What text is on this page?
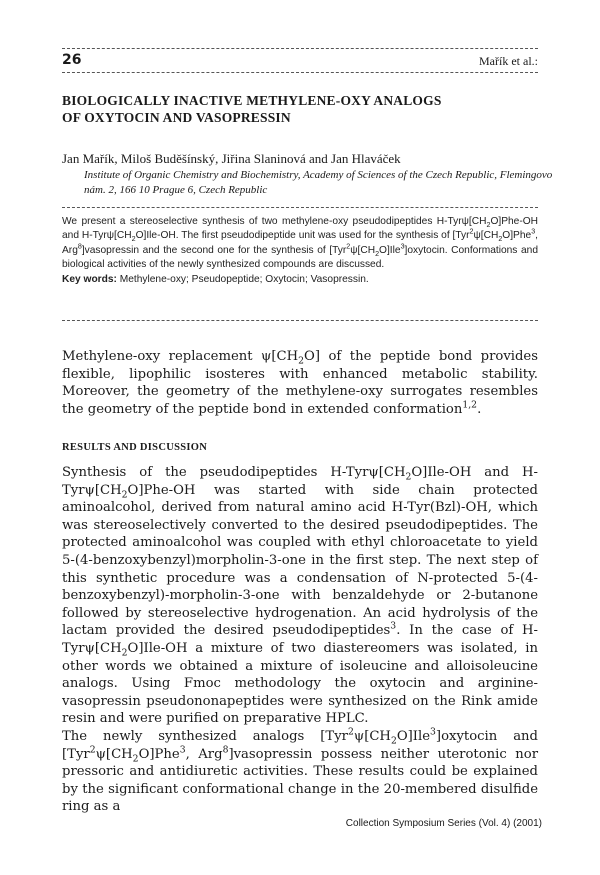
26	Mařík et al.:
BIOLOGICALLY INACTIVE METHYLENE-OXY ANALOGS
OF OXYTOCIN AND VASOPRESSIN
Jan Mařík, Miloš Buděšínský, Jiřina Slaninová and Jan Hlaváček
Institute of Organic Chemistry and Biochemistry, Academy of Sciences of the Czech Republic, Flemingovo nám. 2, 166 10 Prague 6, Czech Republic
We present a stereoselective synthesis of two methylene-oxy pseudodipeptides $H-Tyr\psi[CH_2O]Phe-OH$ and $H-Tyr\psi[CH_2O]Ile-OH$. The first pseudodipeptide unit was used for the synthesis of [$Tyr^2\psi[CH_2O]Phe^3$, Arg$^8$]vasopressin and the second one for the synthesis of $[Tyr^2\psi[CH_2O]Ile^3]oxytocin$. Conformations and biological activities of the newly synthesized compounds are discussed.
Key words: Methylene-oxy; Pseudopeptide; Oxytocin; Vasopressin.
Methylene-oxy replacement $\psi[CH_2O]$ of the peptide bond provides flexible, lipophilic isosteres with enhanced metabolic stability. Moreover, the geometry of the methylene-oxy surrogates resembles the geometry of the peptide bond in extended conformation$^{1,2}$.
RESULTS AND DISCUSSION
Synthesis of the pseudodipeptides $H-Tyr\psi[CH_2O]Ile-OH$ and $H-Tyr\psi[CH_2O]Phe-OH$ was started with side chain protected aminoalcohol, derived from natural amino acid H-Tyr(Bzl)-OH, which was stereoselectively converted to the desired pseudodipeptides. The protected aminoalcohol was coupled with ethyl chloroacetate to yield 5-(4-benzoxybenzyl)morpholin-3-one in the first step. The next step of this synthetic procedure was a condensation of N-protected 5-(4-benzoxybenzyl)-morpholin-3-one with benzaldehyde or 2-butanone followed by stereoselective hydrogenation. An acid hydrolysis of the lactam provided the desired pseudodipeptides$^3$. In the case of $H-Tyr\psi[CH_2O]Ile-OH$ a mixture of two diastereomers was isolated, in other words we obtained a mixture of isoleucine and alloisoleucine analogs. Using Fmoc methodology the oxytocin and arginine-vasopressin pseudononapeptides were synthesized on the Rink amide resin and were purified on preparative HPLC.
The newly synthesized analogs $[Tyr^2\psi[CH_2O]Ile^3]oxytocin$ and [$Tyr^2\psi[CH_2O]Phe^3$, Arg$^8$]vasopressin possess neither uterotonic nor pressoric and antidiuretic activities. These results could be explained by the significant conformational change in the 20-membered disulfide ring as a
Collection Symposium Series (Vol. 4) (2001)
